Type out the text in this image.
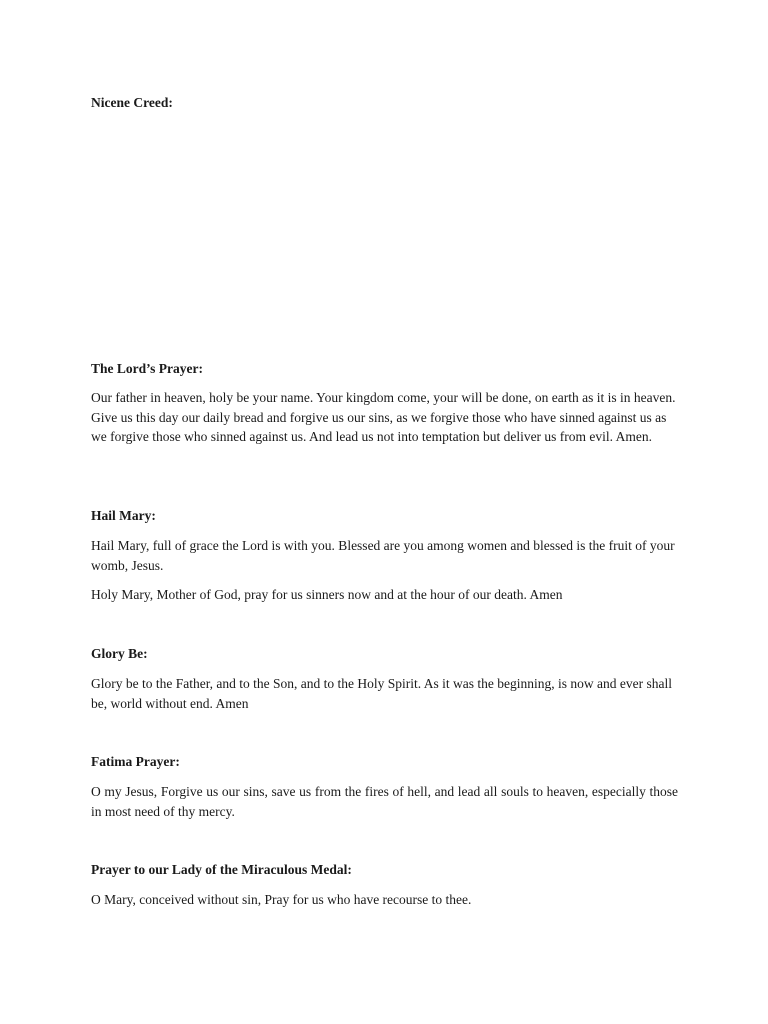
Nicene Creed:
The Lord’s Prayer:

Our father in heaven, holy be your name. Your kingdom come, your will be done, on earth as it is in heaven. Give us this day our daily bread and forgive us our sins, as we forgive those who have sinned against us as we forgive those who sinned against us. And lead us not into temptation but deliver us from evil. Amen.

Hail Mary:

Hail Mary, full of grace the Lord is with you. Blessed are you among women and blessed is the fruit of your womb, Jesus.

Holy Mary, Mother of God, pray for us sinners now and at the hour of our death. Amen

Glory Be:

Glory be to the Father, and to the Son, and to the Holy Spirit. As it was the beginning, is now and ever shall be, world without end. Amen

Fatima Prayer:

O my Jesus, Forgive us our sins, save us from the fires of hell, and lead all souls to heaven, especially those in most need of thy mercy.

Prayer to our Lady of the Miraculous Medal:

O Mary, conceived without sin, Pray for us who have recourse to thee.
